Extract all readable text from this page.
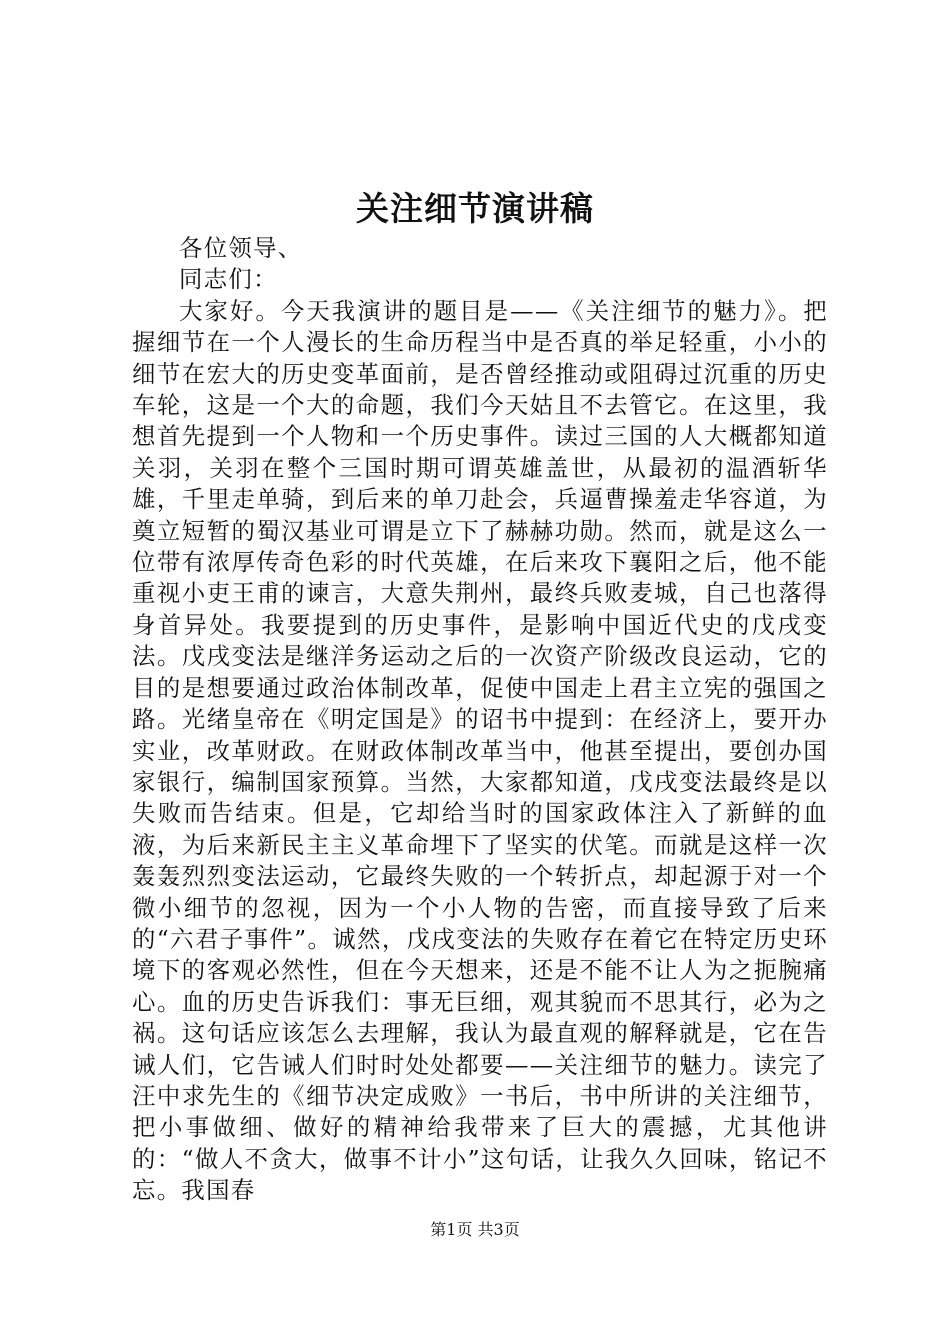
关注细节演讲稿

各位领导、

同志们：

大家好。今天我演讲的题目是——《关注细节的魅力》。把握细节在一个人漫长的生命历程当中是否真的举足轻重，小小的细节在宏大的历史变革面前，是否曾经推动或阻碍过沉重的历史车轮，这是一个大的命题，我们今天姑且不去管它。在这里，我想首先提到一个人物和一个历史事件。读过三国的人大概都知道关羽，关羽在整个三国时期可谓英雄盖世，从最初的温酒斩华雄，千里走单骑，到后来的单刀赴会，兵逼曹操羞走华容道，为奠立短暂的蜀汉基业可谓是立下了赫赫功勋。然而，就是这么一位带有浓厚传奇色彩的时代英雄，在后来攻下襄阳之后，他不能重视小吏王甫的谏言，大意失荆州，最终兵败麦城，自己也落得身首异处。我要提到的历史事件，是影响中国近代史的戊戌变法。戊戌变法是继洋务运动之后的一次资产阶级改良运动，它的目的是想要通过政治体制改革，促使中国走上君主立宪的强国之路。光绪皇帝在《明定国是》的诏书中提到：在经济上，要开办实业，改革财政。在财政体制改革当中，他甚至提出，要创办国家银行，编制国家预算。当然，大家都知道，戊戌变法最终是以失败而告结束。但是，它却给当时的国家政体注入了新鲜的血液，为后来新民主主义革命埋下了坚实的伏笔。而就是这样一次轰轰烈烈变法运动，它最终失败的一个转折点，却起源于对一个微小细节的忽视，因为一个小人物的告密，而直接导致了后来的“六君子事件”。诚然，戊戌变法的失败存在着它在特定历史环境下的客观必然性，但在今天想来，还是不能不让人为之扼腕痛心。血的历史告诉我们：事无巨细，观其貌而不思其行，必为之祸。这句话应该怎么去理解，我认为最直观的解释就是，它在告诫人们，它告诫人们时时处处都要——关注细节的魅力。读完了汪中求先生的《细节决定成败》一书后，书中所讲的关注细节，把小事做细、做好的精神给我带来了巨大的震撼，尤其他讲的：“做人不贪大，做事不计小”这句话，让我久久回味，铭记不忘。我国春

第1页 共3页
